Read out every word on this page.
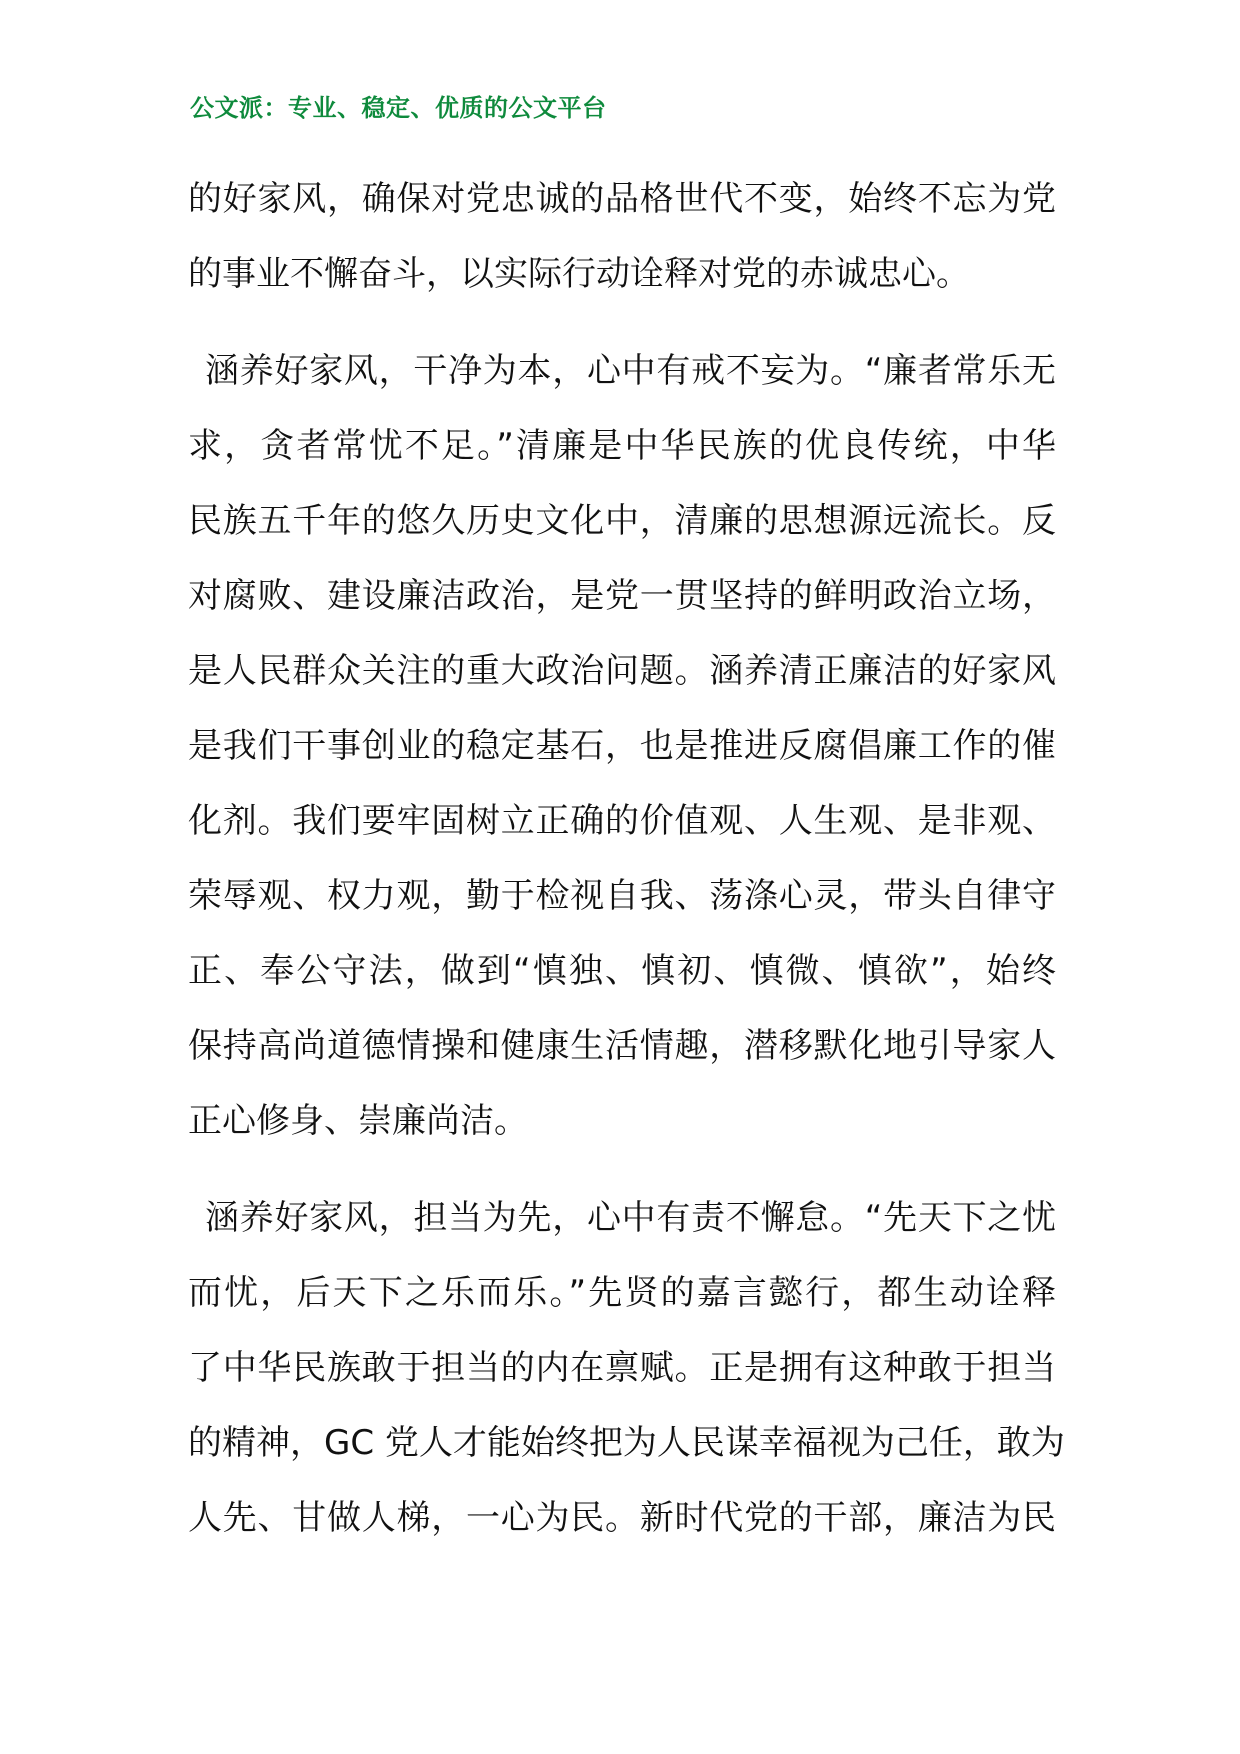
公文派：专业、稳定、优质的公文平台
的好家风，确保对党忠诚的品格世代不变，始终不忘为党
的事业不懈奋斗，以实际行动诠释对党的赤诚忠心。
涵养好家风，干净为本，心中有戒不妄为。“廉者常乐无
求，贪者常忧不足。”清廉是中华民族的优良传统，中华
民族五千年的悠久历史文化中，清廉的思想源远流长。反
对腐败、建设廉洁政治，是党一贯坚持的鲜明政治立场，
是人民群众关注的重大政治问题。涵养清正廉洁的好家风
是我们干事创业的稳定基石，也是推进反腐倡廉工作的催
化剂。我们要牢固树立正确的价值观、人生观、是非观、
荣辱观、权力观，勤于检视自我、荡涤心灵，带头自律守
正、奉公守法，做到“慎独、慎初、慎微、慎欲”，始终
保持高尚道德情操和健康生活情趣，潜移默化地引导家人
正心修身、崇廉尚洁。
涵养好家风，担当为先，心中有责不懈怠。“先天下之忧
而忧，后天下之乐而乐。”先贤的嘉言懿行，都生动诠释
了中华民族敢于担当的内在禀赋。正是拥有这种敢于担当
的精神，GC 党人才能始终把为人民谋幸福视为己任，敢为
人先、甘做人梯，一心为民。新时代党的干部，廉洁为民
